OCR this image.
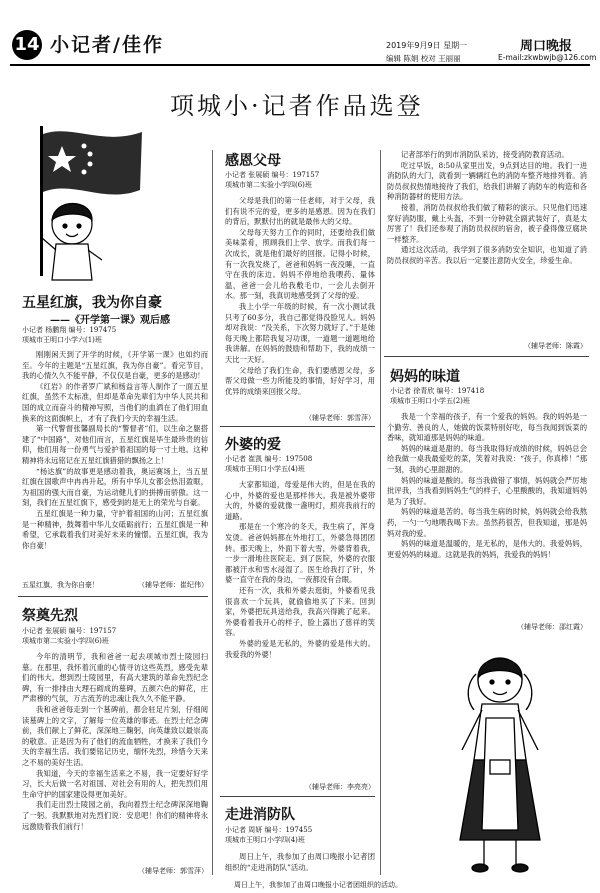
14 小记者/佳作	2019年9月9日 星期一	周口晚报
编辑 陈娟 校对 王丽丽	E-mail:zkwbwjb@126.com
项城小·记者作品选登
五星红旗，我为你自豪
——《开学第一课》观后感
小记者 杨鹏翔 编号：197475
项城市王明口小学六(1)班

刚刚闲天到了开学的时候，《开学第一课》也如约而至。今年的主题是“五星红旗，我为你自豪”。看完节目，我的心情久久不能平静，不仅仅是自豪，更多的是感动！

《红岩》的作者罗广斌和杨益言等人制作了一面五星红旗，虽然不太标准，但却是革命先辈们为中华人民共和国的成立而奋斗的精神写照，当他们的血洒在了他们用血换来的这面旗帜上，才有了我们今天的幸福生活。

第一代警督张馨副局长的“警督者”们，以生命之躯搭建了“中国路”，对他们而言，五星红旗是毕生最珍贵的信仰，他们用每一份勇气与爱护着祖国的每一寸土地。这种精神将永远铭记在五星红旗猎猎的飘扬之上！

“杨达旗”的故事更是感动着我，奥运赛场上，当五星红旗在国歌声中冉冉升起，所有中华儿女都会热泪盈眶，为祖国的强大而自豪，为运动健儿们的拼搏而骄傲。这一刻，我们在五星红旗下，感受到的是无上的荣光与自豪。

五星红旗是一种力量，守护着祖国的山河；五星红旗是一种精神，鼓舞着中华儿女砥砺前行；五星红旗是一种希望，它承载着我们对美好未来的憧憬。五星红旗，我为你自豪！

五星红旗，我为你自豪！	（辅导老师：崔纪伟）
祭奠先烈
小记者 张展硕 编号：197157
项城市第二实验小学四(6)班

今年的清明节，我和爸爸一起去项城市烈士陵园扫墓。在那里，我怀着沉重的心情寻访这些英烈，感受先辈们的伟大。想到烈士陵园里，有高大建筑的革命先烈纪念碑，有一排排由大理石砌成的墓碑，五颜六色的鲜花，庄严肃穆的气氛，万古流芳的忠魂让我久久不能平静。

我和爸爸每走到一个墓碑前，都会驻足片刻，仔细阅读墓碑上的文字，了解每一位英雄的事迹。在烈士纪念碑前，我们献上了鲜花，深深地三鞠躬，向英雄致以最崇高的敬意。正是因为有了他们的流血牺牲，才换来了我们今天的幸福生活。我们要铭记历史，缅怀先烈，珍惜今天来之不易的美好生活。

我知道，今天的幸福生活来之不易，我一定要好好学习，长大后做一名对祖国、对社会有用的人，把先烈们用生命守护的国家建设得更加美好。

我们走出烈士陵园之前，我向着烈士纪念碑深深地鞠了一躬。我默默地对先烈们说：安息吧！你们的精神将永远激励着我们前行！

（辅导老师：郭雪萍）
感恩父母
小记者 张展硕 编号：197157
项城市第二实验小学四(6)班

父母是我们的第一任老师，对于父母，我们有说不完的爱，更多的是感恩。因为在我们的背后，默默付出的就是最伟大的父母。

父母每天努力工作的同时，还要给我们做美味菜肴，照顾我们上学、放学。而我们每一次成长，就是他们最好的回报。记得小时候，有一次我发烧了，爸爸和妈妈一夜没睡，一直守在我的床边。妈妈不停地给我喂药、量体温，爸爸一会儿给我敷毛巾，一会儿去倒开水。那一刻，我真切地感受到了父母的爱。

我上小学一年级的时候，有一次小测试我只考了60多分，我自己都觉得没脸见人。妈妈却对我说：“没关系，下次努力就好了。”于是她每天晚上都陪我复习功课，一道题一道题地给我讲解。在妈妈的鼓励和帮助下，我的成绩一天比一天好。

父母给了我们生命，我们要感恩父母，多帮父母做一些力所能及的事情，好好学习，用优异的成绩来回报父母。

（辅导老师：郭雪萍）
外婆的爱
小记者 崔凯 编号：197508
项城市王明口小学五(4)班

大家都知道，母爱是伟大的，但是在我的心中，外婆的爱也是那样伟大。我是被外婆带大的，外婆的爱就像一盏明灯，照亮我前行的道路。

那是在一个寒冷的冬天，我生病了，浑身发烫。爸爸妈妈都在外地打工，外婆急得团团转。那天晚上，外面下着大雪，外婆背着我，一步一滑地往医院走。到了医院，外婆的衣服都被汗水和雪水浸湿了。医生给我打了针，外婆一直守在我的身边，一夜都没有合眼。

还有一次，我和外婆去逛街，外婆看见我很喜欢一个玩具，就偷偷地买了下来。回到家，外婆把玩具送给我，我高兴得跳了起来。外婆看着我开心的样子，脸上露出了慈祥的笑容。

外婆的爱是无私的，外婆的爱是伟大的。我爱我的外婆！

（辅导老师：李亮亮）
走进消防队
小记者 周妍 编号：197455
项城市王明口小学四(4)班

周日上午，我参加了由周口晚报小记者团组织的“走进消防队”活动。

记者部举行的到市消防队采访，接受消防教育活动。

吃过早饭，8:50从家里出发，9点到达目的地。我们一进消防队的大门，就看到一辆辆红色的消防车整齐地排列着。消防员叔叔热情地接待了我们，给我们讲解了消防车的构造和各种消防器材的使用方法。

接着，消防员叔叔给我们做了精彩的演示。只见他们迅速穿好消防服，戴上头盔，不到一分钟就全副武装好了，真是太厉害了！我们还参观了消防员叔叔的宿舍，被子叠得像豆腐块一样整齐。

通过这次活动，我学到了很多消防安全知识，也知道了消防员叔叔的辛苦。我以后一定要注意防火安全，珍爱生命。

（辅导老师：陈霞）
妈妈的味道
小记者 徐青欣 编号：197418
项城市王明口小学五(2)班

我是一个幸福的孩子，有一个爱我的妈妈。我的妈妈是一个勤劳、善良的人，她做的饭菜特别好吃，每当我闻到饭菜的香味，就知道那是妈妈的味道。

妈妈的味道是甜的。每当我取得好成绩的时候，妈妈总会给我做一桌我最爱吃的菜，笑着对我说：“孩子，你真棒！”那一刻，我的心里甜甜的。

妈妈的味道是酸的。每当我做错了事情，妈妈就会严厉地批评我，当我看到妈妈生气的样子，心里酸酸的，我知道妈妈是为了我好。

妈妈的味道是苦的。每当我生病的时候，妈妈就会给我熬药，一勺一勺地喂我喝下去。虽然药很苦，但我知道，那是妈妈对我的爱。

妈妈的味道是温暖的，是无私的，是伟大的。我爱妈妈，更爱妈妈的味道。这就是我的妈妈，我爱我的妈妈！

（辅导老师：邵红霞）
周日上午，我参加了由周口晚报小记者团组织的活动。
